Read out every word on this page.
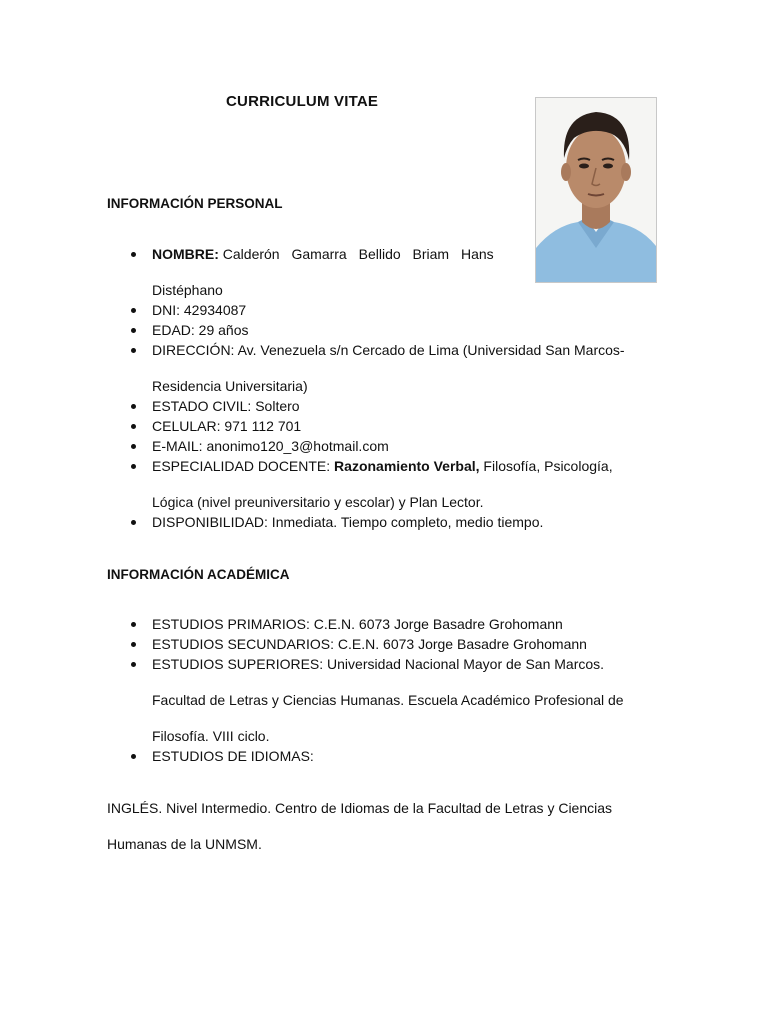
CURRICULUM VITAE
INFORMACIÓN PERSONAL
NOMBRE: Calderón Gamarra Bellido Briam Hans
Distéphano
DNI: 42934087
EDAD: 29 años
DIRECCIÓN: Av. Venezuela s/n Cercado de Lima (Universidad San Marcos-
Residencia Universitaria)
ESTADO CIVIL: Soltero
CELULAR: 971 112 701
E-MAIL: anonimo120_3@hotmail.com
ESPECIALIDAD DOCENTE: Razonamiento Verbal, Filosofía, Psicología,
Lógica (nivel preuniversitario y escolar) y Plan Lector.
DISPONIBILIDAD: Inmediata. Tiempo completo, medio tiempo.
INFORMACIÓN ACADÉMICA
ESTUDIOS PRIMARIOS: C.E.N. 6073 Jorge Basadre Grohomann
ESTUDIOS SECUNDARIOS: C.E.N. 6073 Jorge Basadre Grohomann
ESTUDIOS SUPERIORES: Universidad Nacional Mayor de San Marcos.
Facultad de Letras y Ciencias Humanas. Escuela Académico Profesional de
Filosofía. VIII ciclo.
ESTUDIOS DE IDIOMAS:
INGLÉS. Nivel Intermedio. Centro de Idiomas de la Facultad de Letras y Ciencias
Humanas de la UNMSM.
